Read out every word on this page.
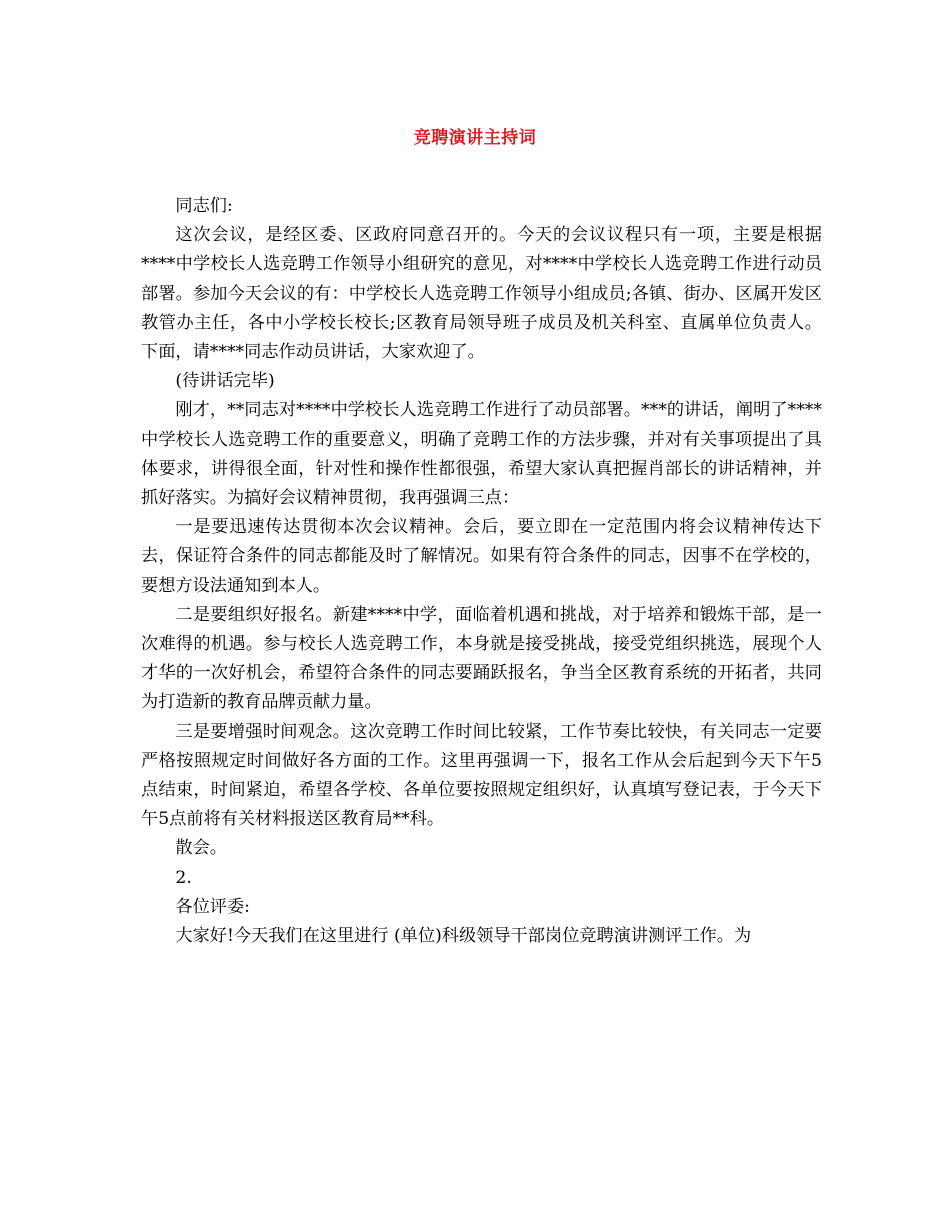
竞聘演讲主持词

同志们:

这次会议，是经区委、区政府同意召开的。今天的会议议程只有一项，主要是根据****中学校长人选竞聘工作领导小组研究的意见，对****中学校长人选竞聘工作进行动员部署。参加今天会议的有：中学校长人选竞聘工作领导小组成员;各镇、街办、区属开发区教管办主任，各中小学校长校长;区教育局领导班子成员及机关科室、直属单位负责人。 下面，请****同志作动员讲话，大家欢迎了。

(待讲话完毕)

刚才，**同志对****中学校长人选竞聘工作进行了动员部署。***的讲话，阐明了****中学校长人选竞聘工作的重要意义，明确了竞聘工作的方法步骤，并对有关事项提出了具体要求，讲得很全面，针对性和操作性都很强，希望大家认真把握肖部长的讲话精神，并抓好落实。为搞好会议精神贯彻，我再强调三点：

一是要迅速传达贯彻本次会议精神。会后，要立即在一定范围内将会议精神传达下去，保证符合条件的同志都能及时了解情况。如果有符合条件的同志，因事不在学校的，要想方设法通知到本人。

二是要组织好报名。新建****中学，面临着机遇和挑战，对于培养和锻炼干部，是一次难得的机遇。参与校长人选竞聘工作，本身就是接受挑战，接受党组织挑选，展现个人才华的一次好机会，希望符合条件的同志要踊跃报名，争当全区教育系统的开拓者，共同为打造新的教育品牌贡献力量。

三是要增强时间观念。这次竞聘工作时间比较紧，工作节奏比较快，有关同志一定要严格按照规定时间做好各方面的工作。这里再强调一下，报名工作从会后起到今天下午5点结束，时间紧迫，希望各学校、各单位要按照规定组织好，认真填写登记表，于今天下午5点前将有关材料报送区教育局**科。

散会。

2.

各位评委:

大家好!今天我们在这里进行 (单位)科级领导干部岗位竞聘演讲测评工作。为
